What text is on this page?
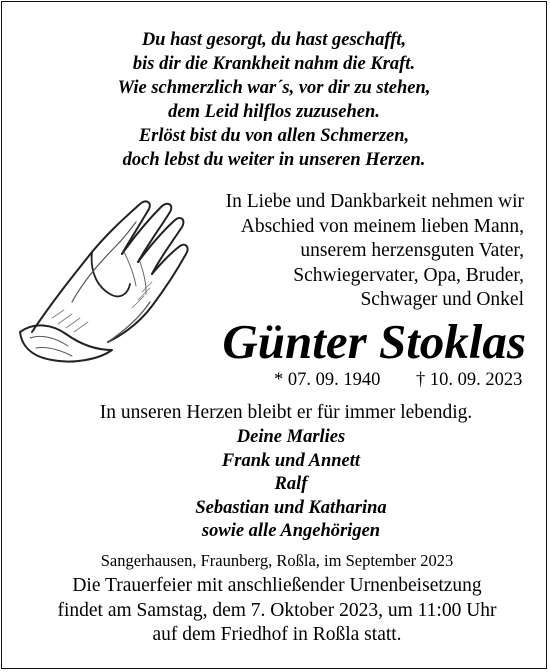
Du hast gesorgt, du hast geschafft,
bis dir die Krankheit nahm die Kraft.
Wie schmerzlich war´s, vor dir zu stehen,
dem Leid hilflos zuzusehen.
Erlöst bist du von allen Schmerzen,
doch lebst du weiter in unseren Herzen.
In Liebe und Dankbarkeit nehmen wir
Abschied von meinem lieben Mann,
unserem herzensguten Vater,
Schwiegervater, Opa, Bruder,
Schwager und Onkel
Günter Stoklas
* 07. 09. 1940 † 10. 09. 2023
In unseren Herzen bleibt er für immer lebendig.
Deine Marlies
Frank und Annett
Ralf
Sebastian und Katharina
sowie alle Angehörigen
Sangerhausen, Fraunberg, Roßla, im September 2023
Die Trauerfeier mit anschließender Urnenbeisetzung
findet am Samstag, dem 7. Oktober 2023, um 11:00 Uhr
auf dem Friedhof in Roßla statt.
